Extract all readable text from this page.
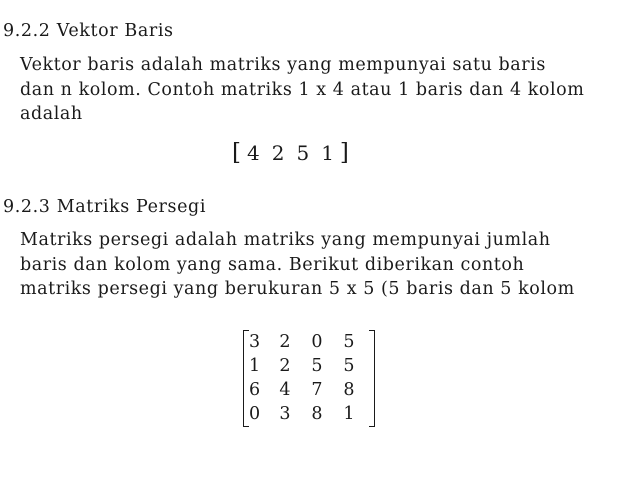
9.2.2 Vektor Baris

Vektor baris adalah matriks yang mempunyai satu baris
dan n kolom. Contoh matriks 1 x 4 atau 1 baris dan 4 kolom
adalah

[ 4 2 5 1 ]
9.2.3 Matriks Persegi

Matriks persegi adalah matriks yang mempunyai jumlah
baris dan kolom yang sama. Berikut diberikan contoh
matriks persegi yang berukuran 5 x 5 (5 baris dan 5 kolom

3	2	0	5
1	2	5	5
6	4	7	8
0	3	8	1
